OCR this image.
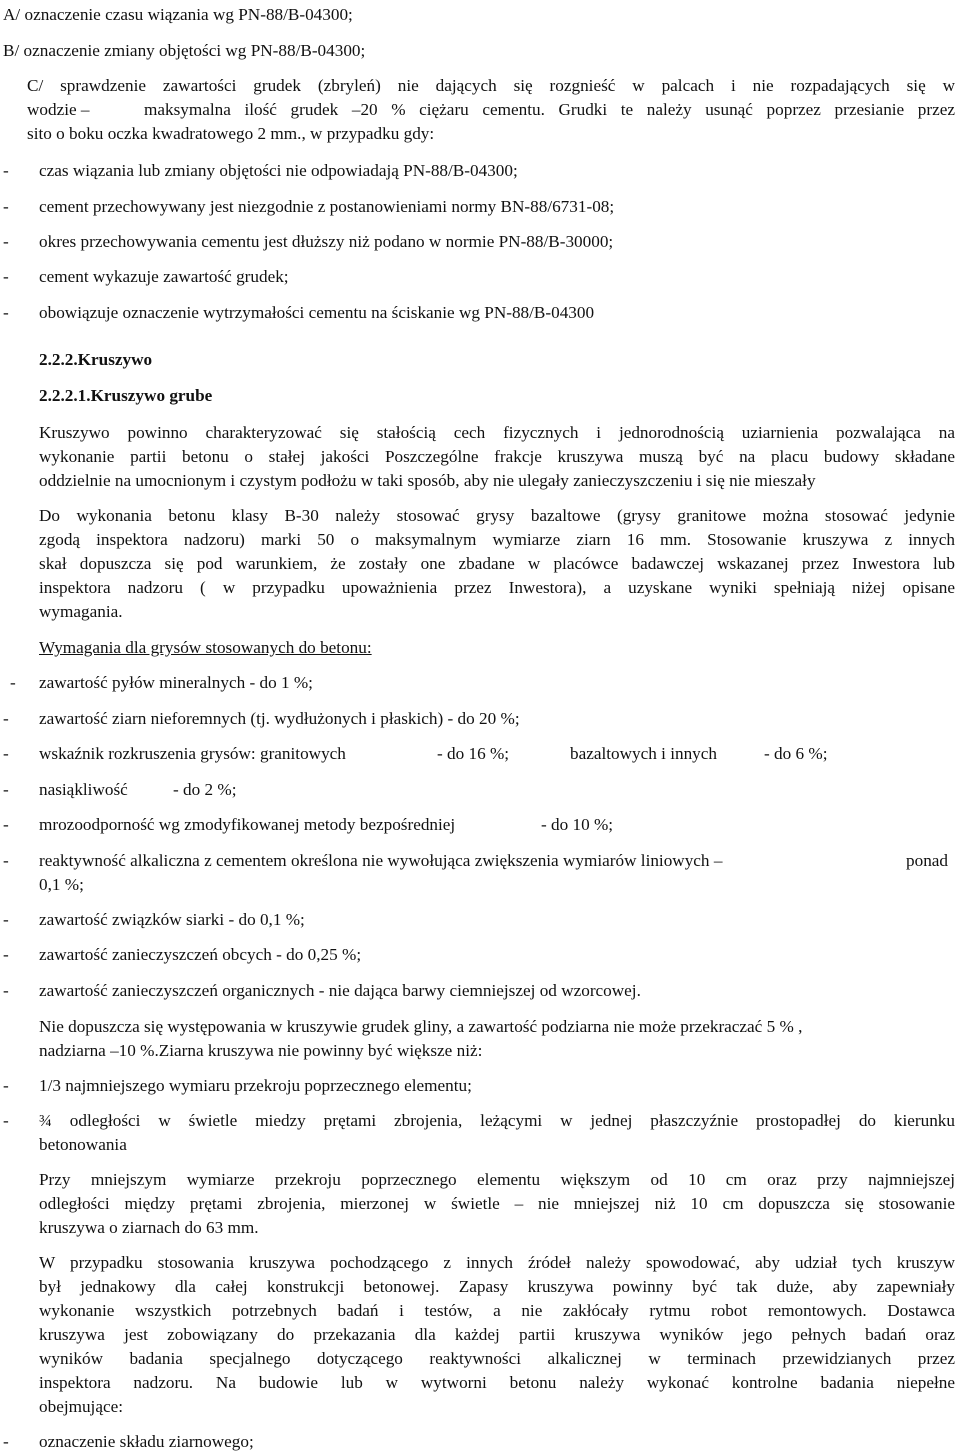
A/ oznaczenie czasu wiązania wg PN-88/B-04300;
B/ oznaczenie zmiany objętości wg PN-88/B-04300;
C/ sprawdzenie zawartości grudek (zbryleń) nie dających się rozgnieść w palcach i nie rozpadających się w
wodzie –	maksymalna ilość grudek –20 % ciężaru cementu. Grudki te należy usunąć poprzez przesianie przez
sito o boku oczka kwadratowego 2 mm., w przypadku gdy:
- czas wiązania lub zmiany objętości nie odpowiadają PN-88/B-04300;
- cement przechowywany jest niezgodnie z postanowieniami normy BN-88/6731-08;
- okres przechowywania cementu jest dłuższy niż podano w normie PN-88/B-30000;
- cement wykazuje zawartość grudek;
- obowiązuje oznaczenie wytrzymałości cementu na ściskanie wg PN-88/B-04300
2.2.2.Kruszywo
2.2.2.1.Kruszywo grube
Kruszywo powinno charakteryzować się stałością cech fizycznych i jednorodnością uziarnienia pozwalająca na
wykonanie partii betonu o stałej jakości Poszczególne frakcje kruszywa muszą być na placu budowy składane
oddzielnie na umocnionym i czystym podłożu w taki sposób, aby nie ulegały zanieczyszczeniu i się nie mieszały
Do wykonania betonu klasy B-30 należy stosować grysy bazaltowe (grysy granitowe można stosować jedynie
zgodą inspektora nadzoru) marki 50 o maksymalnym wymiarze ziarn 16 mm. Stosowanie kruszywa z innych
skał dopuszcza się pod warunkiem, że zostały one zbadane w placówce badawczej wskazanej przez Inwestora lub
inspektora nadzoru ( w przypadku upoważnienia przez Inwestora), a uzyskane wyniki spełniają niżej opisane
wymagania.
Wymagania dla grysów stosowanych do betonu:
- zawartość pyłów mineralnych - do 1 %;
- zawartość ziarn nieforemnych (tj. wydłużonych i płaskich) - do 20 %;
- wskaźnik rozkruszenia grysów: granitowych	- do 16 %;	bazaltowych i innych	- do 6 %;
- nasiąkliwość	- do 2 %;
- mrozoodporność wg zmodyfikowanej metody bezpośredniej	- do 10 %;
- reaktywność alkaliczna z cementem określona nie wywołująca zwiększenia wymiarów liniowych –	ponad
0,1 %;
- zawartość związków siarki - do 0,1 %;
- zawartość zanieczyszczeń obcych - do 0,25 %;
- zawartość zanieczyszczeń organicznych - nie dająca barwy ciemniejszej od wzorcowej.
Nie dopuszcza się występowania w kruszywie grudek gliny, a zawartość podziarna nie może przekraczać 5 % ,
nadziarna –10 %.Ziarna kruszywa nie powinny być większe niż:
- 1/3 najmniejszego wymiaru przekroju poprzecznego elementu;
- ¾ odległości w świetle miedzy prętami zbrojenia, leżącymi w jednej płaszczyźnie prostopadłej do kierunku
betonowania
Przy mniejszym wymiarze przekroju poprzecznego elementu większym od 10 cm oraz przy najmniejszej
odległości między prętami zbrojenia, mierzonej w świetle – nie mniejszej niż 10 cm dopuszcza się stosowanie
kruszywa o ziarnach do 63 mm.
W przypadku stosowania kruszywa pochodzącego z innych źródeł należy spowodować, aby udział tych kruszyw
był jednakowy dla całej konstrukcji betonowej. Zapasy kruszywa powinny być tak duże, aby zapewniały
wykonanie wszystkich potrzebnych badań i testów, a nie zakłócały rytmu robot remontowych. Dostawca
kruszywa jest zobowiązany do przekazania dla każdej partii kruszywa wyników jego pełnych badań oraz
wyników badania specjalnego dotyczącego reaktywności alkalicznej w terminach przewidzianych przez
inspektora nadzoru. Na budowie lub w wytworni betonu należy wykonać kontrolne badania niepełne
obejmujące:
- oznaczenie składu ziarnowego;
